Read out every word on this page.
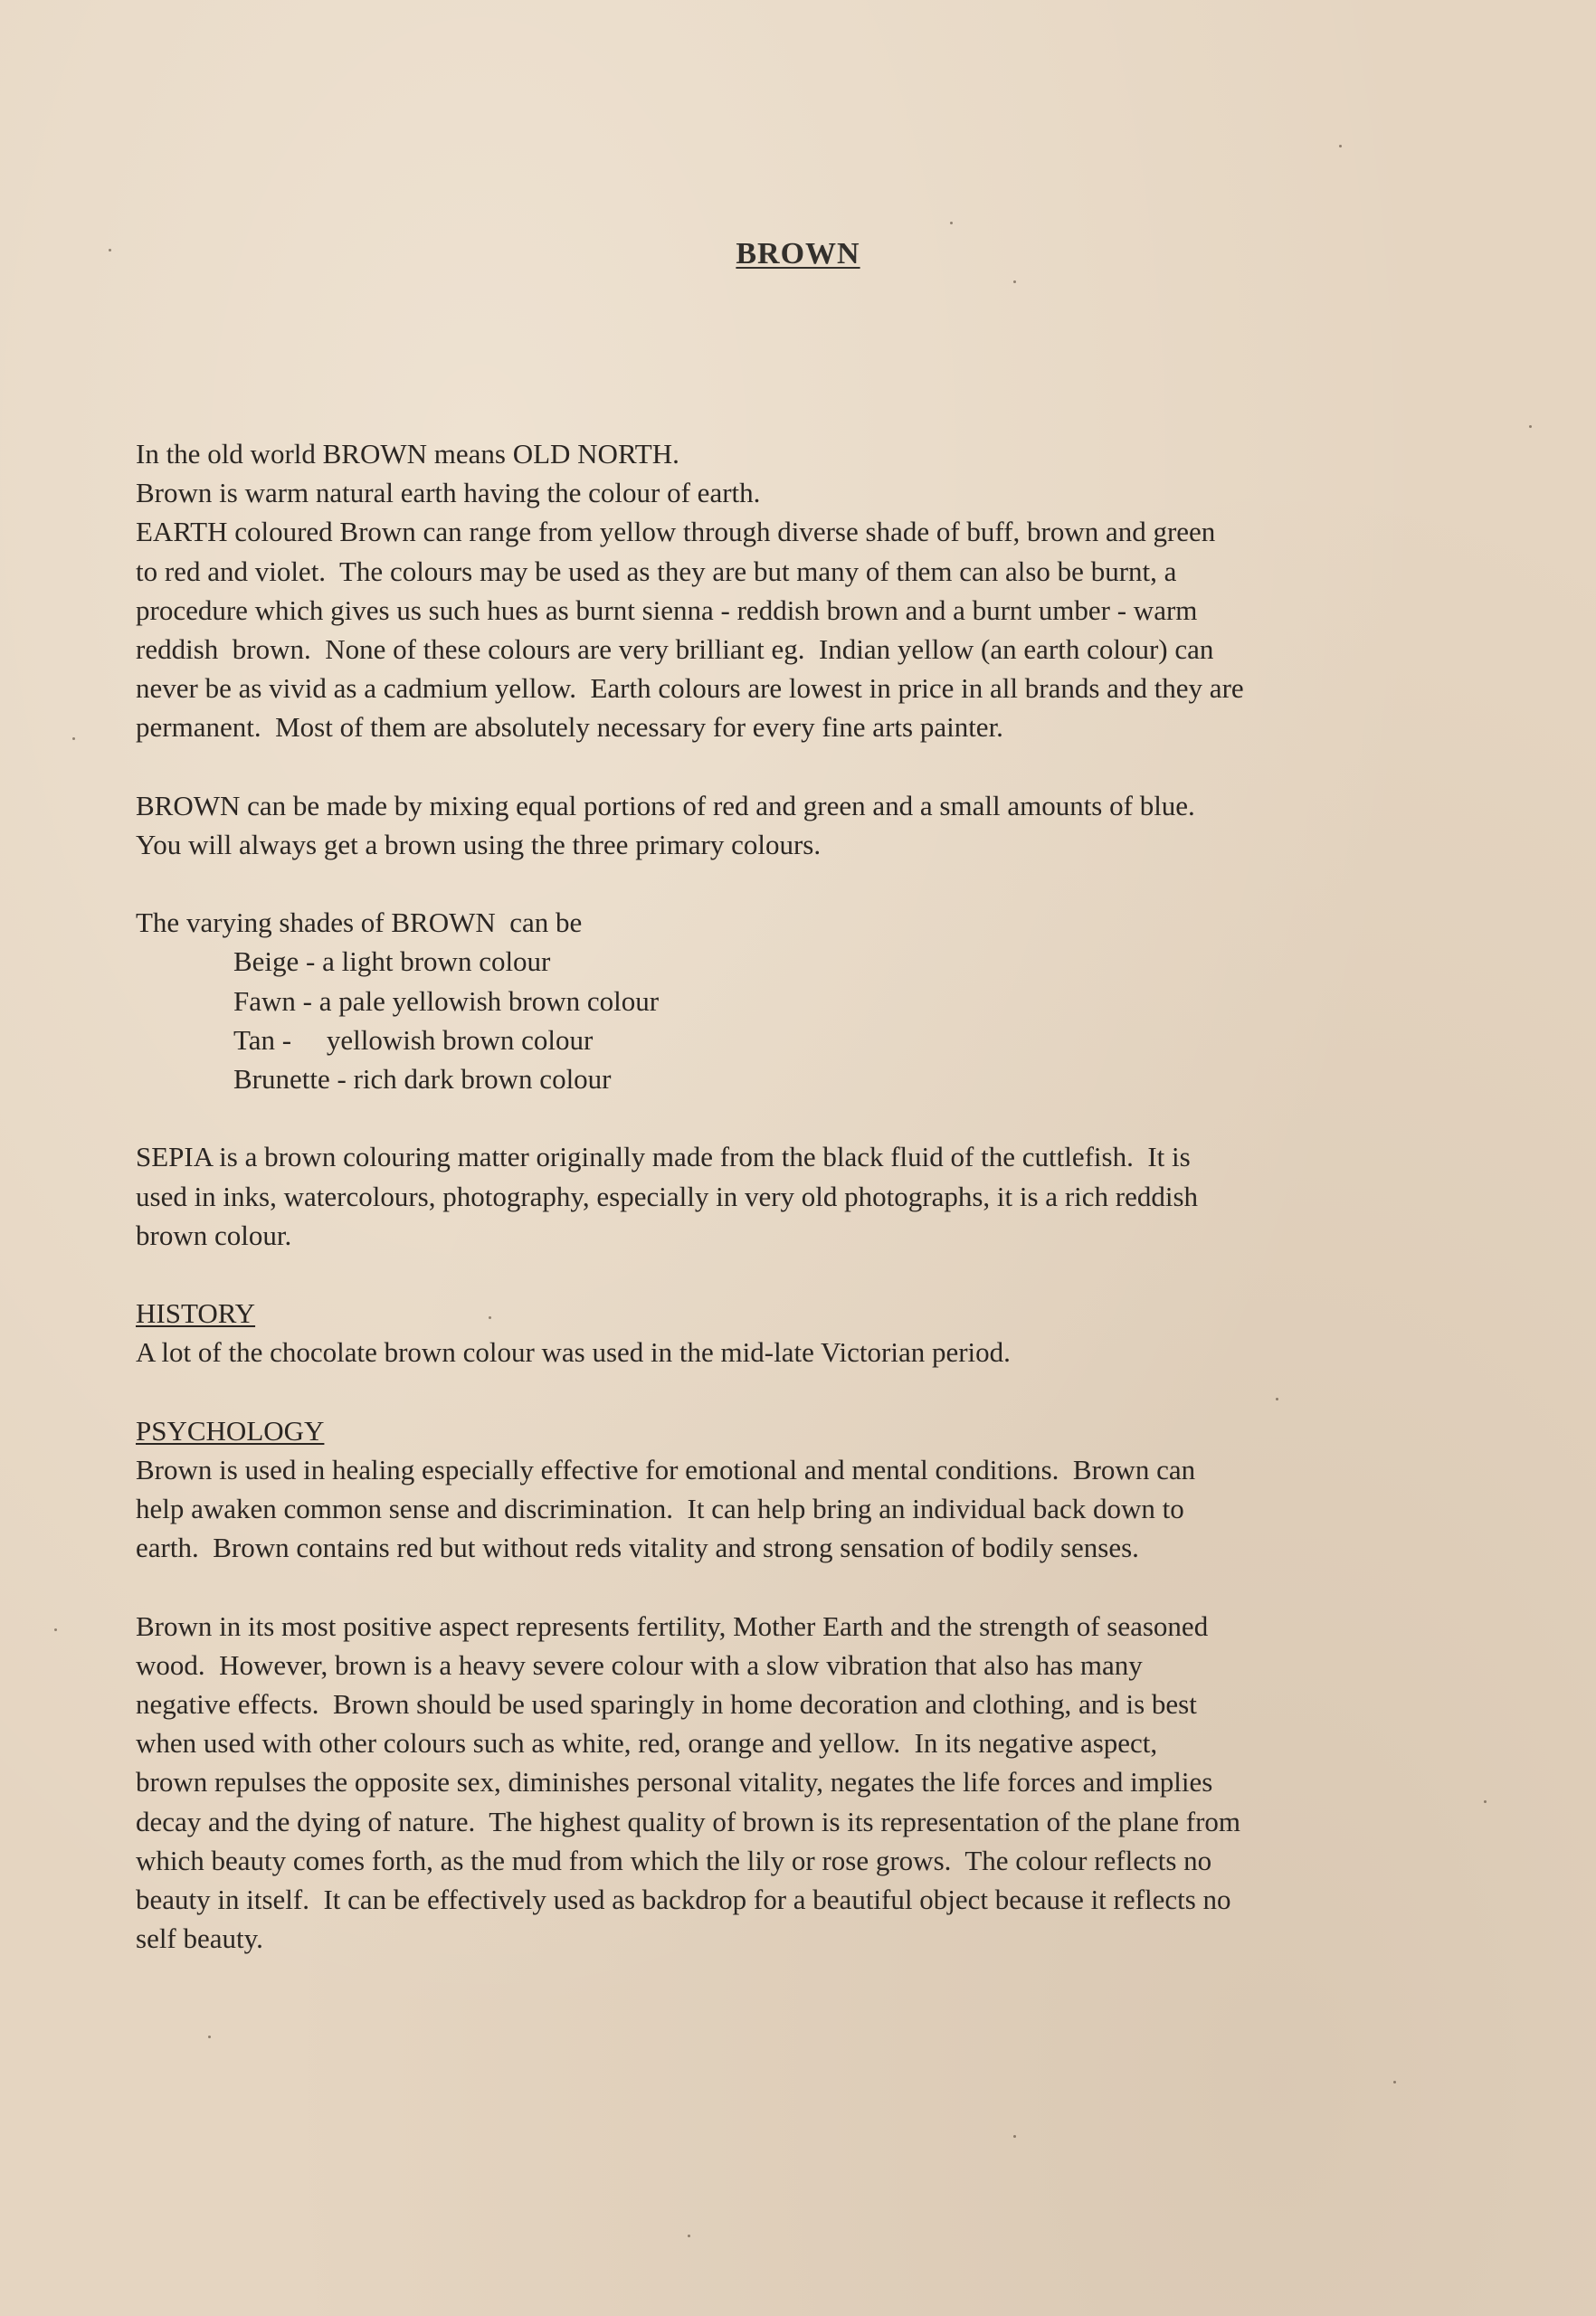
BROWN
In the old world BROWN means OLD NORTH.
Brown is warm natural earth having the colour of earth.
EARTH coloured Brown can range from yellow through diverse shade of buff, brown and green
to red and violet.  The colours may be used as they are but many of them can also be burnt, a
procedure which gives us such hues as burnt sienna - reddish brown and a burnt umber - warm
reddish  brown.  None of these colours are very brilliant eg.  Indian yellow (an earth colour) can
never be as vivid as a cadmium yellow.  Earth colours are lowest in price in all brands and they are
permanent.  Most of them are absolutely necessary for every fine arts painter.
BROWN can be made by mixing equal portions of red and green and a small amounts of blue.
You will always get a brown using the three primary colours.
The varying shades of BROWN  can be
Beige - a light brown colour
Fawn - a pale yellowish brown colour
Tan -     yellowish brown colour
Brunette - rich dark brown colour
SEPIA is a brown colouring matter originally made from the black fluid of the cuttlefish.  It is
used in inks, watercolours, photography, especially in very old photographs, it is a rich reddish
brown colour.
HISTORY
A lot of the chocolate brown colour was used in the mid-late Victorian period.
PSYCHOLOGY
Brown is used in healing especially effective for emotional and mental conditions.  Brown can
help awaken common sense and discrimination.  It can help bring an individual back down to
earth.  Brown contains red but without reds vitality and strong sensation of bodily senses.
Brown in its most positive aspect represents fertility, Mother Earth and the strength of seasoned
wood.  However, brown is a heavy severe colour with a slow vibration that also has many
negative effects.  Brown should be used sparingly in home decoration and clothing, and is best
when used with other colours such as white, red, orange and yellow.  In its negative aspect,
brown repulses the opposite sex, diminishes personal vitality, negates the life forces and implies
decay and the dying of nature.  The highest quality of brown is its representation of the plane from
which beauty comes forth, as the mud from which the lily or rose grows.  The colour reflects no
beauty in itself.  It can be effectively used as backdrop for a beautiful object because it reflects no
self beauty.
